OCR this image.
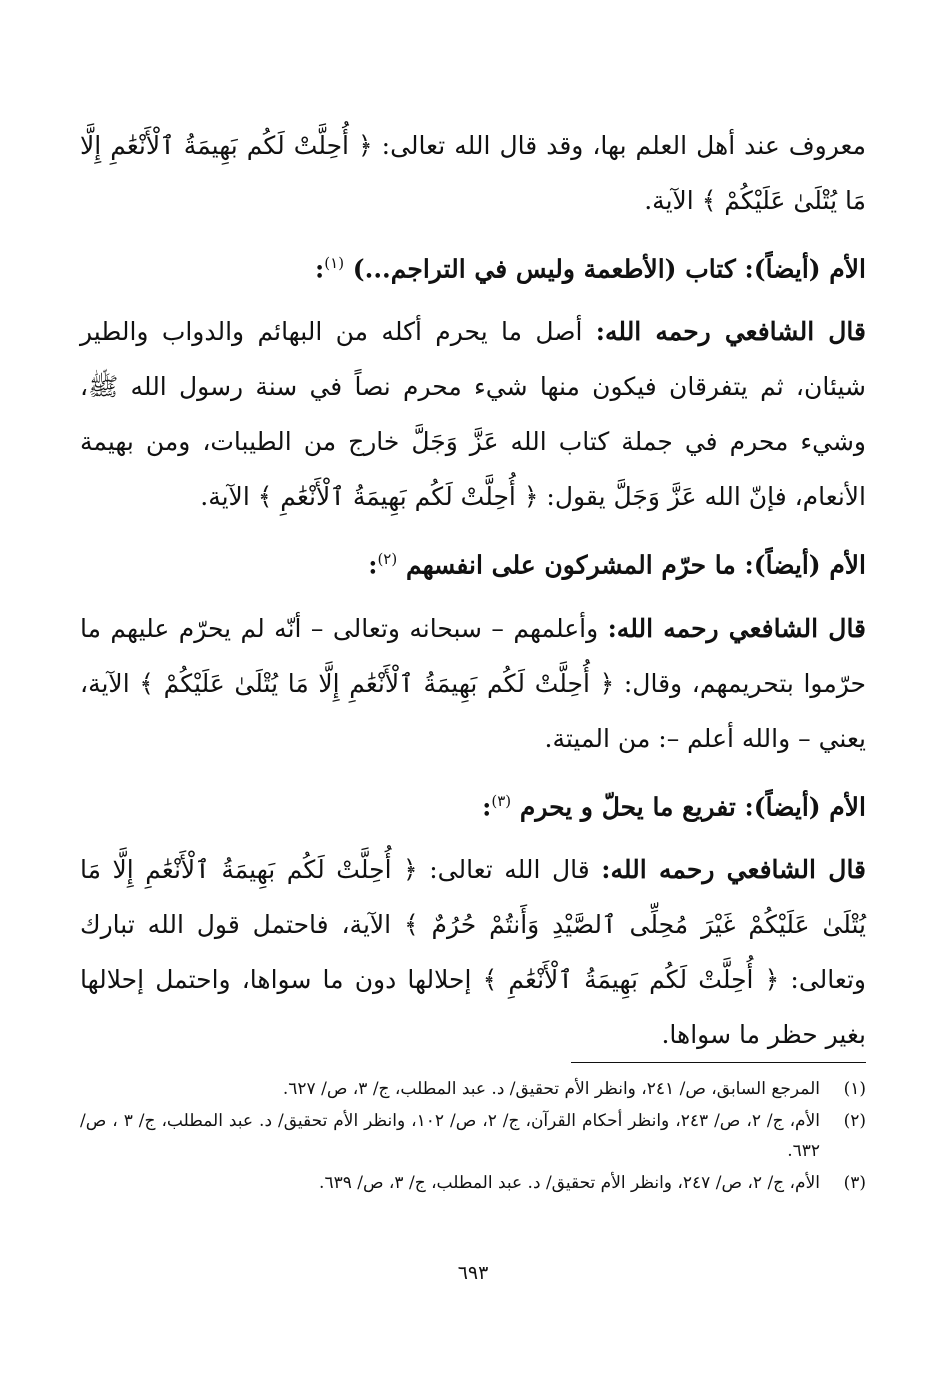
معروف عند أهل العلم بها، وقد قال الله تعالى: ﴿ أُحِلَّتْ لَكُم بَهِيمَةُ ٱلْأَنْعَٰمِ إِلَّا مَا يُتْلَىٰ عَلَيْكُمْ ﴾ الآية.

الأم (أيضاً): كتاب (الأطعمة وليس في التراجم...) $^{(١)}$:

قال الشافعي رحمه الله: أصل ما يحرم أكله من البهائم والدواب والطير شيئان، ثم يتفرقان فيكون منها شيء محرم نصاً في سنة رسول الله ﷺ، وشيء محرم في جملة كتاب الله عَزَّ وَجَلَّ خارج من الطيبات، ومن بهيمة الأنعام، فإنّ الله عَزَّ وَجَلَّ يقول: ﴿ أُحِلَّتْ لَكُم بَهِيمَةُ ٱلْأَنْعَٰمِ ﴾ الآية.

الأم (أيضاً): ما حرّم المشركون على انفسهم $^{(٢)}$:

قال الشافعي رحمه الله: وأعلمهم – سبحانه وتعالى – أنّه لم يحرّم عليهم ما حرّموا بتحريمهم، وقال: ﴿ أُحِلَّتْ لَكُم بَهِيمَةُ ٱلْأَنْعَٰمِ إِلَّا مَا يُتْلَىٰ عَلَيْكُمْ ﴾ الآية، يعني – والله أعلم –: من الميتة.

الأم (أيضاً): تفريع ما يحلّ و يحرم $^{(٣)}$:

قال الشافعي رحمه الله: قال الله تعالى: ﴿ أُحِلَّتْ لَكُم بَهِيمَةُ ٱلْأَنْعَٰمِ إِلَّا مَا يُتْلَىٰ عَلَيْكُمْ غَيْرَ مُحِلِّى ٱلصَّيْدِ وَأَنتُمْ حُرُمٌ ﴾ الآية، فاحتمل قول الله تبارك وتعالى: ﴿ أُحِلَّتْ لَكُم بَهِيمَةُ ٱلْأَنْعَٰمِ ﴾ إحلالها دون ما سواها، واحتمل إحلالها بغير حظر ما سواها.

(١)
المرجع السابق، ص/ ٢٤١، وانظر الأم تحقيق/ د. عبد المطلب، ج/ ٣، ص/ ٦٢٧.
(٢)
الأم، ج/ ٢، ص/ ٢٤٣، وانظر أحكام القرآن، ج/ ٢، ص/ ١٠٢، وانظر الأم تحقيق/ د. عبد المطلب، ج/ ٣ ، ص/ ٦٣٢.
(٣)
الأم، ج/ ٢، ص/ ٢٤٧، وانظر الأم تحقيق/ د. عبد المطلب، ج/ ٣، ص/ ٦٣٩.
٦٩٣
